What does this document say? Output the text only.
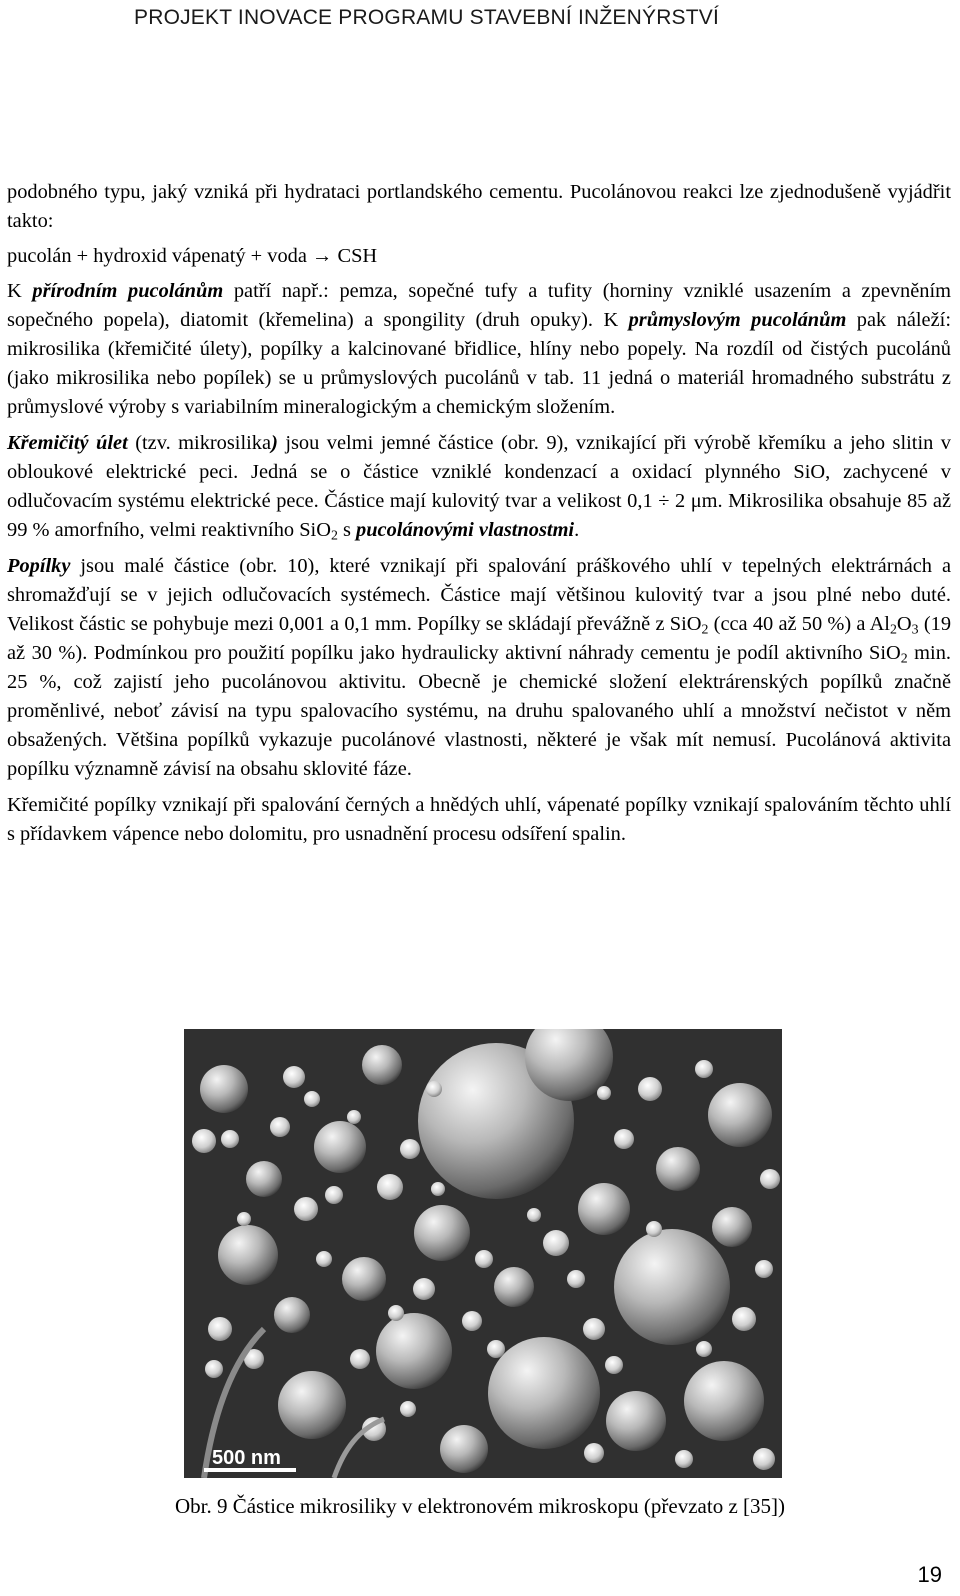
PROJEKT INOVACE PROGRAMU STAVEBNÍ INŽENÝRSTVÍ

podobného typu, jaký vzniká při hydrataci portlandského cementu. Pucolánovou reakci lze zjednodušeně vyjádřit takto:

pucolán + hydroxid vápenatý + voda → CSH

K přírodním pucolánům patří např.: pemza, sopečné tufy a tufity (horniny vzniklé usazením a zpevněním sopečného popela), diatomit (křemelina) a spongility (druh opuky). K průmyslovým pucolánům pak náleží: mikrosilika (křemičité úlety), popílky a kalcinované břidlice, hlíny nebo popely. Na rozdíl od čistých pucolánů (jako mikrosilika nebo popílek) se u průmyslových pucolánů v tab. 11 jedná o materiál hromadného substrátu z průmyslové výroby s variabilním mineralogickým a chemickým složením.

Křemičitý úlet (tzv. mikrosilika) jsou velmi jemné částice (obr. 9), vznikající při výrobě křemíku a jeho slitin v obloukové elektrické peci. Jedná se o částice vzniklé kondenzací a oxidací plynného SiO, zachycené v odlučovacím systému elektrické pece. Částice mají kulovitý tvar a velikost 0,1 ÷ 2 μm. Mikrosilika obsahuje 85 až 99 % amorfního, velmi reaktivního SiO$_2$ s pucolánovými vlastnostmi.

Popílky jsou malé částice (obr. 10), které vznikají při spalování práškového uhlí v tepelných elektrárnách a shromažďují se v jejich odlučovacích systémech. Částice mají většinou kulovitý tvar a jsou plné nebo duté. Velikost částic se pohybuje mezi 0,001 a 0,1 mm. Popílky se skládají převážně z SiO$_2$ (cca 40 až 50 %) a $Al_2O_3$ (19 až 30 %). Podmínkou pro použití popílku jako hydraulicky aktivní náhrady cementu je podíl aktivního SiO$_2$ min. 25 %, což zajistí jeho pucolánovou aktivitu. Obecně je chemické složení elektrárenských popílků značně proměnlivé, neboť závisí na typu spalovacího systému, na druhu spalovaného uhlí a množství nečistot v něm obsažených. Většina popílků vykazuje pucolánové vlastnosti, některé je však mít nemusí. Pucolánová aktivita popílku významně závisí na obsahu sklovité fáze.

Křemičité popílky vznikají při spalování černých a hnědých uhlí, vápenaté popílky vznikají spalováním těchto uhlí s přídavkem vápence nebo dolomitu, pro usnadnění procesu odsíření spalin.

500 nm
Obr. 9 Částice mikrosiliky v elektronovém mikroskopu (převzato z [35])
19
